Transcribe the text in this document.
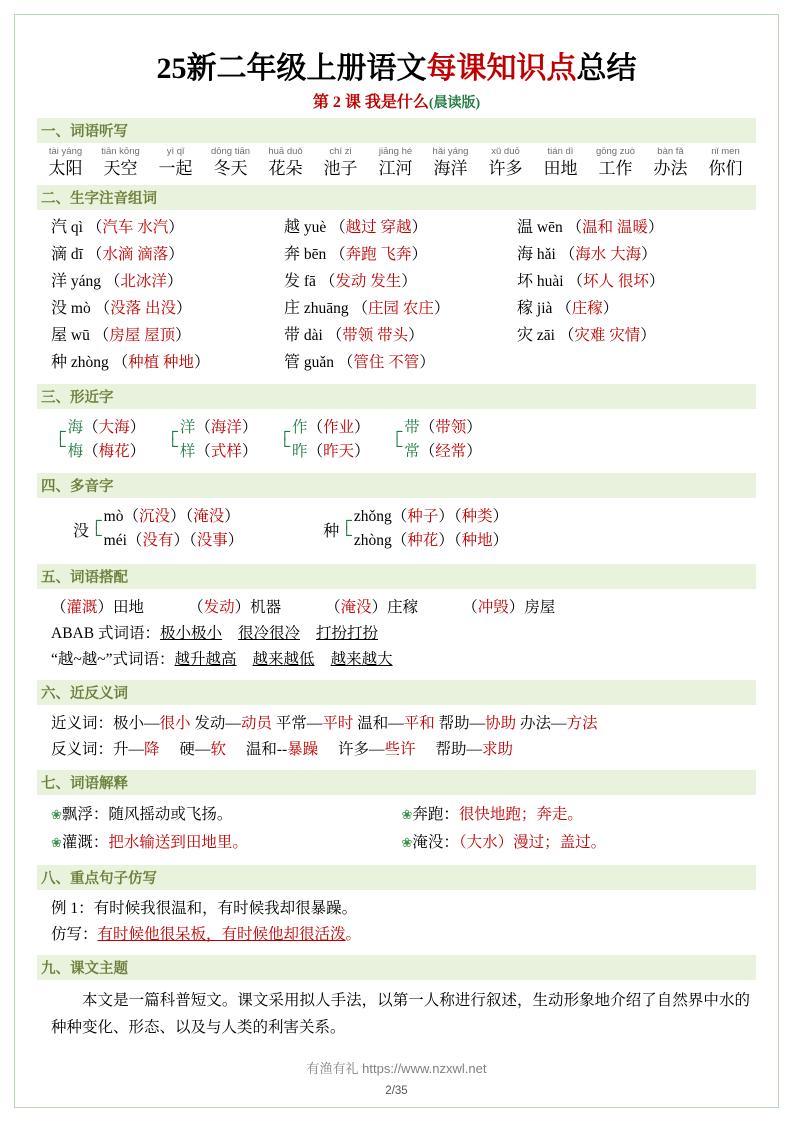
25新二年级上册语文每课知识点总结
第 2 课 我是什么(晨读版)
一、词语听写
tài yáng
太阳
tiān kōng
天空
yì qǐ
一起
dōng tiān
冬天
huā duǒ
花朵
chí zi
池子
jiāng hé
江河
hǎi yáng
海洋
xǔ duō
许多
tián dì
田地
gōng zuò
工作
bàn fǎ
办法
nǐ men
你们
二、生字注音组词
汽 qì （汽车 水汽）	越 yuè （越过 穿越）	温 wēn （温和 温暖）
滴 dī （水滴 滴落）	奔 bēn （奔跑 飞奔）	海 hǎi （海水 大海）
洋 yáng （北冰洋）	发 fā （发动 发生）	坏 huài （坏人 很坏）
没 mò （没落 出没）	庄 zhuāng （庄园 农庄）	稼 jià （庄稼）
屋 wū （房屋 屋顶）	带 dài （带领 带头）	灾 zāi （灾难 灾情）
种 zhòng （种植 种地）	管 guǎn （管住 不管）
三、形近字
┌
└
海（大海）
梅（梅花）
┌
└
洋（海洋）
样（式样）
┌
└
作（作业）
昨（昨天）
┌
└
带（带领）
常（经常）
四、多音字
没
┌
└
mò（沉没）（淹没）
méi（没有）（没事）
种
┌
└
zhǒng（种子）（种类）
zhòng（种花）（种地）
五、词语搭配
（灌溉）田地	（发动）机器	（淹没）庄稼	（冲毁）房屋
ABAB 式词语：极小极小 很冷很冷 打扮打扮
“越~越~”式词语：越升越高 越来越低 越来越大
六、近反义词
近义词：极小—很小 发动—动员 平常—平时 温和—平和 帮助—协助 办法—方法
反义词：升—降 硬—软 温和--暴躁 许多—些许 帮助—求助
七、词语解释
❀飘浮：随风摇动或飞扬。	❀奔跑：很快地跑；奔走。
❀灌溉：把水输送到田地里。	❀淹没：（大水）漫过；盖过。
八、重点句子仿写
例 1：有时候我很温和，有时候我却很暴躁。
仿写：有时候他很呆板，有时候他却很活泼。
九、课文主题

本文是一篇科普短文。课文采用拟人手法，以第一人称进行叙述，生动形象地介绍了自然界中水的种种变化、形态、以及与人类的利害关系。

有渔有礼 https://www.nzxwl.net
2/35
